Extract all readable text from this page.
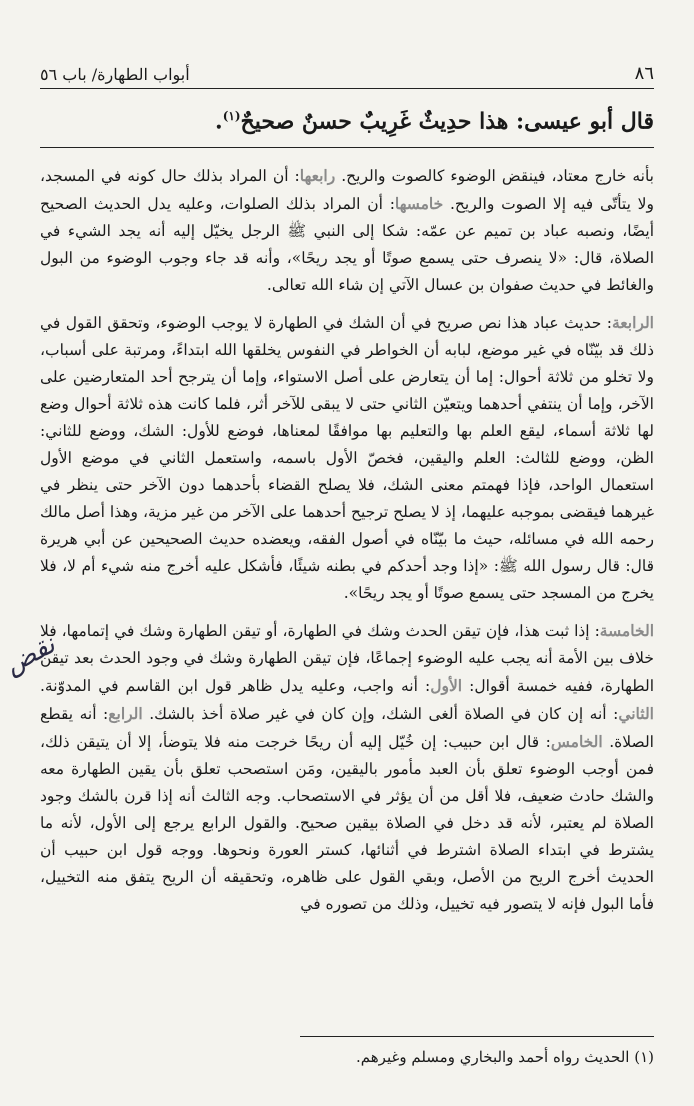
٨٦
أبواب الطهارة/ باب ٥٦
قال أبو عيسى: هذا حدِيثٌ غَرِيبٌ حسنٌ صحيحٌ$^{(١)}$.

بأنه خارج معتاد، فينقض الوضوء كالصوت والريح. رابعها: أن المراد بذلك حال كونه في المسجد، ولا يتأتّى فيه إلا الصوت والريح. خامسها: أن المراد بذلك الصلوات، وعليه يدل الحديث الصحيح أيضًا، ونصبه عباد بن تميم عن عمّه: شكا إلى النبي ﷺ الرجل يخيّل إليه أنه يجد الشيء في الصلاة، قال: «لا ينصرف حتى يسمع صوتًا أو يجد ريحًا»، وأنه قد جاء وجوب الوضوء من البول والغائط في حديث صفوان بن عسال الآتي إن شاء الله تعالى.

الرابعة: حديث عباد هذا نص صريح في أن الشك في الطهارة لا يوجب الوضوء، وتحقق القول في ذلك قد بيّنّاه في غير موضع، لبابه أن الخواطر في النفوس يخلقها الله ابتداءً، ومرتبة على أسباب، ولا تخلو من ثلاثة أحوال: إما أن يتعارض على أصل الاستواء، وإما أن يترجح أحد المتعارضين على الآخر، وإما أن ينتفي أحدهما ويتعيّن الثاني حتى لا يبقى للآخر أثر، فلما كانت هذه ثلاثة أحوال وضع لها ثلاثة أسماء، ليقع العلم بها والتعليم بها موافقًا لمعناها، فوضع للأول: الشك، ووضع للثاني: الظن، ووضع للثالث: العلم واليقين، فخصّ الأول باسمه، واستعمل الثاني في موضع الأول استعمال الواحد، فإذا فهمتم معنى الشك، فلا يصلح القضاء بأحدهما دون الآخر حتى ينظر في غيرهما فيقضى بموجبه عليهما، إذ لا يصلح ترجيح أحدهما على الآخر من غير مزية، وهذا أصل مالك رحمه الله في مسائله، حيث ما بيّنّاه في أصول الفقه، ويعضده حديث الصحيحين عن أبي هريرة قال: قال رسول الله ﷺ: «إذا وجد أحدكم في بطنه شيئًا، فأشكل عليه أخرج منه شيء أم لا، فلا يخرج من المسجد حتى يسمع صوتًا أو يجد ريحًا».

الخامسة: إذا ثبت هذا، فإن تيقن الحدث وشك في الطهارة، أو تيقن الطهارة وشك في إتمامها، فلا خلاف بين الأمة أنه يجب عليه الوضوء إجماعًا، فإن تيقن الطهارة وشك في وجود الحدث بعد تيقن الطهارة، ففيه خمسة أقوال: الأول: أنه واجب، وعليه يدل ظاهر قول ابن القاسم في المدوّنة. الثاني: أنه إن كان في الصلاة ألغى الشك، وإن كان في غير صلاة أخذ بالشك. الرابع: أنه يقطع الصلاة. الخامس: قال ابن حبيب: إن خُيّل إليه أن ريحًا خرجت منه فلا يتوضأ، إلا أن يتيقن ذلك، فمن أوجب الوضوء تعلق بأن العبد مأمور باليقين، ومَن استصحب تعلق بأن يقين الطهارة معه والشك حادث ضعيف، فلا أقل من أن يؤثر في الاستصحاب. وجه الثالث أنه إذا قرن بالشك وجود الصلاة لم يعتبر، لأنه قد دخل في الصلاة بيقين صحيح. والقول الرابع يرجع إلى الأول، لأنه ما يشترط في ابتداء الصلاة اشترط في أثنائها، كستر العورة ونحوها. ووجه قول ابن حبيب أن الحديث أخرج الريح من الأصل، وبقي القول على ظاهره، وتحقيقه أن الريح يتفق منه التخييل، فأما البول فإنه لا يتصور فيه تخييل، وذلك من تصوره في

نقض
(١) الحديث رواه أحمد والبخاري ومسلم وغيرهم.
